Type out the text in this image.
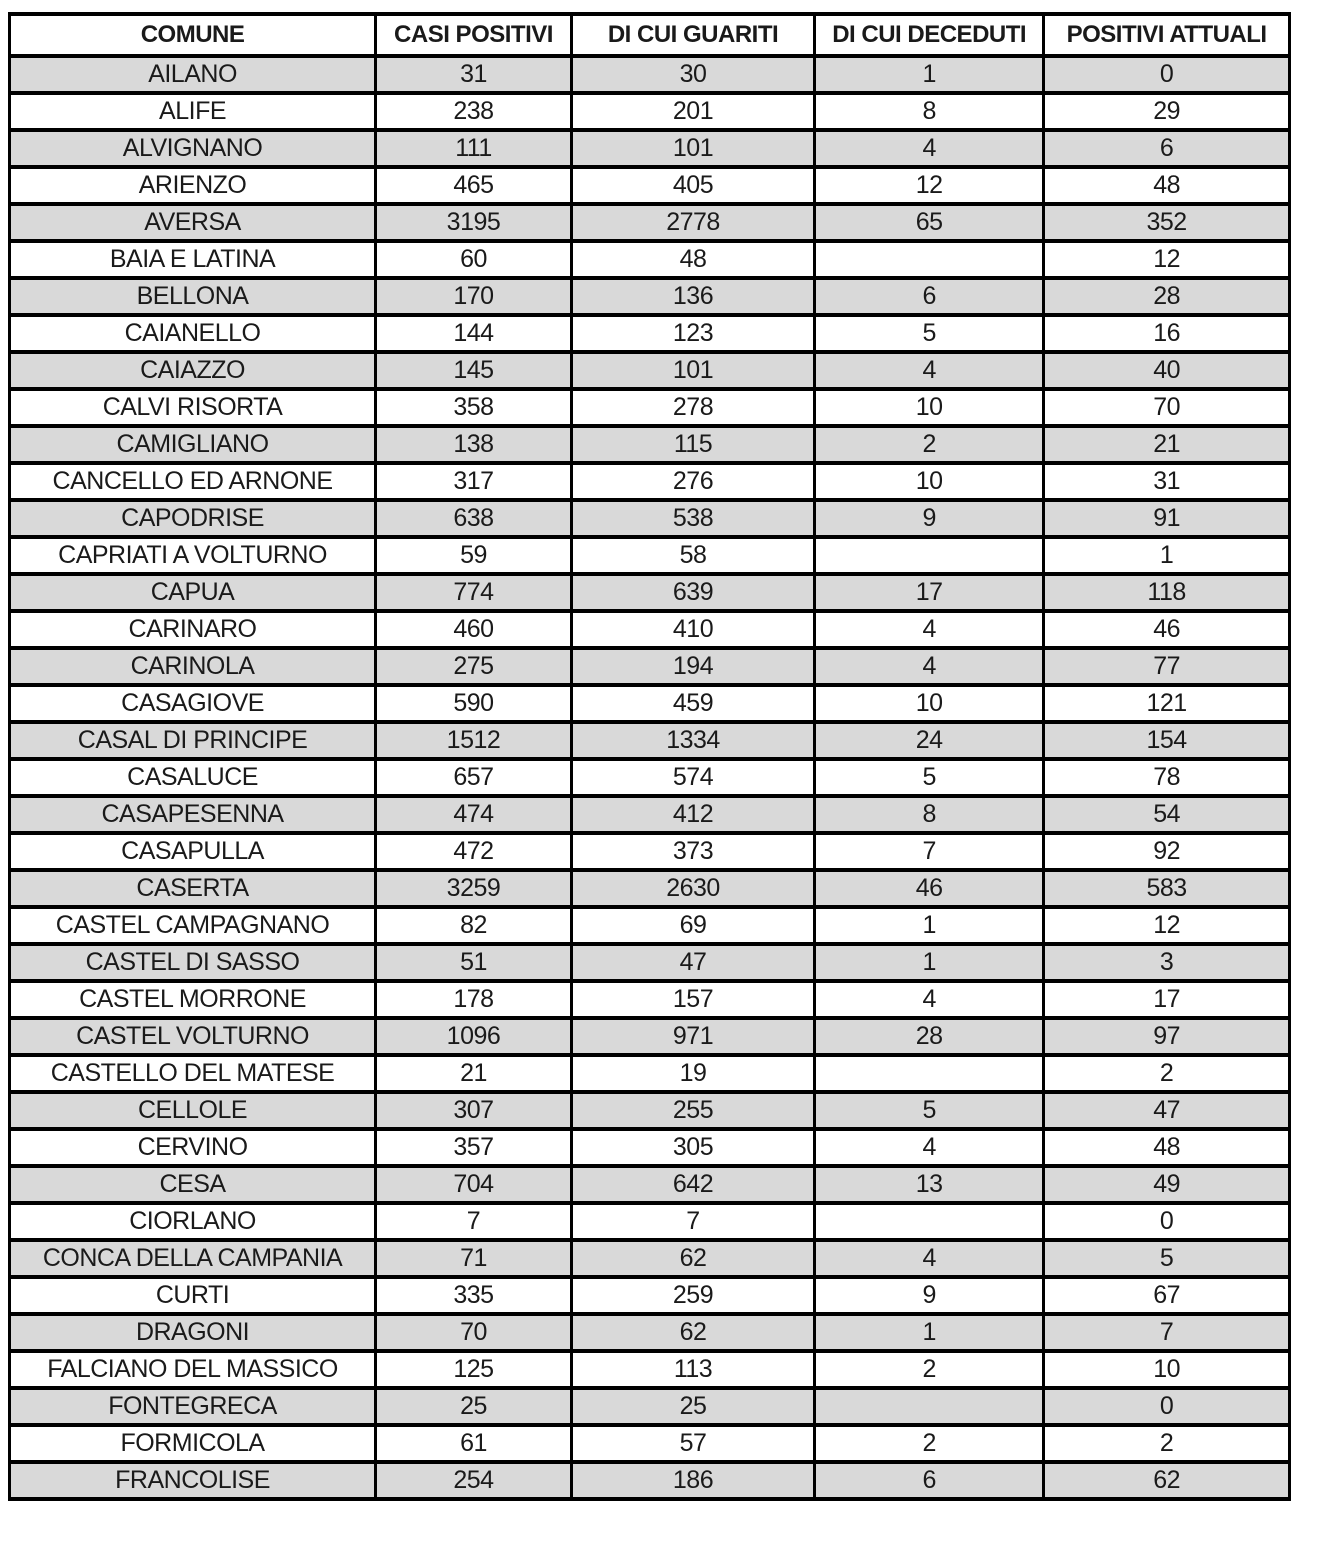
COMUNE	CASI POSITIVI	DI CUI GUARITI	DI CUI DECEDUTI	POSITIVI ATTUALI
AILANO	31	30	1	0
ALIFE	238	201	8	29
ALVIGNANO	111	101	4	6
ARIENZO	465	405	12	48
AVERSA	3195	2778	65	352
BAIA E LATINA	60	48		12
BELLONA	170	136	6	28
CAIANELLO	144	123	5	16
CAIAZZO	145	101	4	40
CALVI RISORTA	358	278	10	70
CAMIGLIANO	138	115	2	21
CANCELLO ED ARNONE	317	276	10	31
CAPODRISE	638	538	9	91
CAPRIATI A VOLTURNO	59	58		1
CAPUA	774	639	17	118
CARINARO	460	410	4	46
CARINOLA	275	194	4	77
CASAGIOVE	590	459	10	121
CASAL DI PRINCIPE	1512	1334	24	154
CASALUCE	657	574	5	78
CASAPESENNA	474	412	8	54
CASAPULLA	472	373	7	92
CASERTA	3259	2630	46	583
CASTEL CAMPAGNANO	82	69	1	12
CASTEL DI SASSO	51	47	1	3
CASTEL MORRONE	178	157	4	17
CASTEL VOLTURNO	1096	971	28	97
CASTELLO DEL MATESE	21	19		2
CELLOLE	307	255	5	47
CERVINO	357	305	4	48
CESA	704	642	13	49
CIORLANO	7	7		0
CONCA DELLA CAMPANIA	71	62	4	5
CURTI	335	259	9	67
DRAGONI	70	62	1	7
FALCIANO DEL MASSICO	125	113	2	10
FONTEGRECA	25	25		0
FORMICOLA	61	57	2	2
FRANCOLISE	254	186	6	62
